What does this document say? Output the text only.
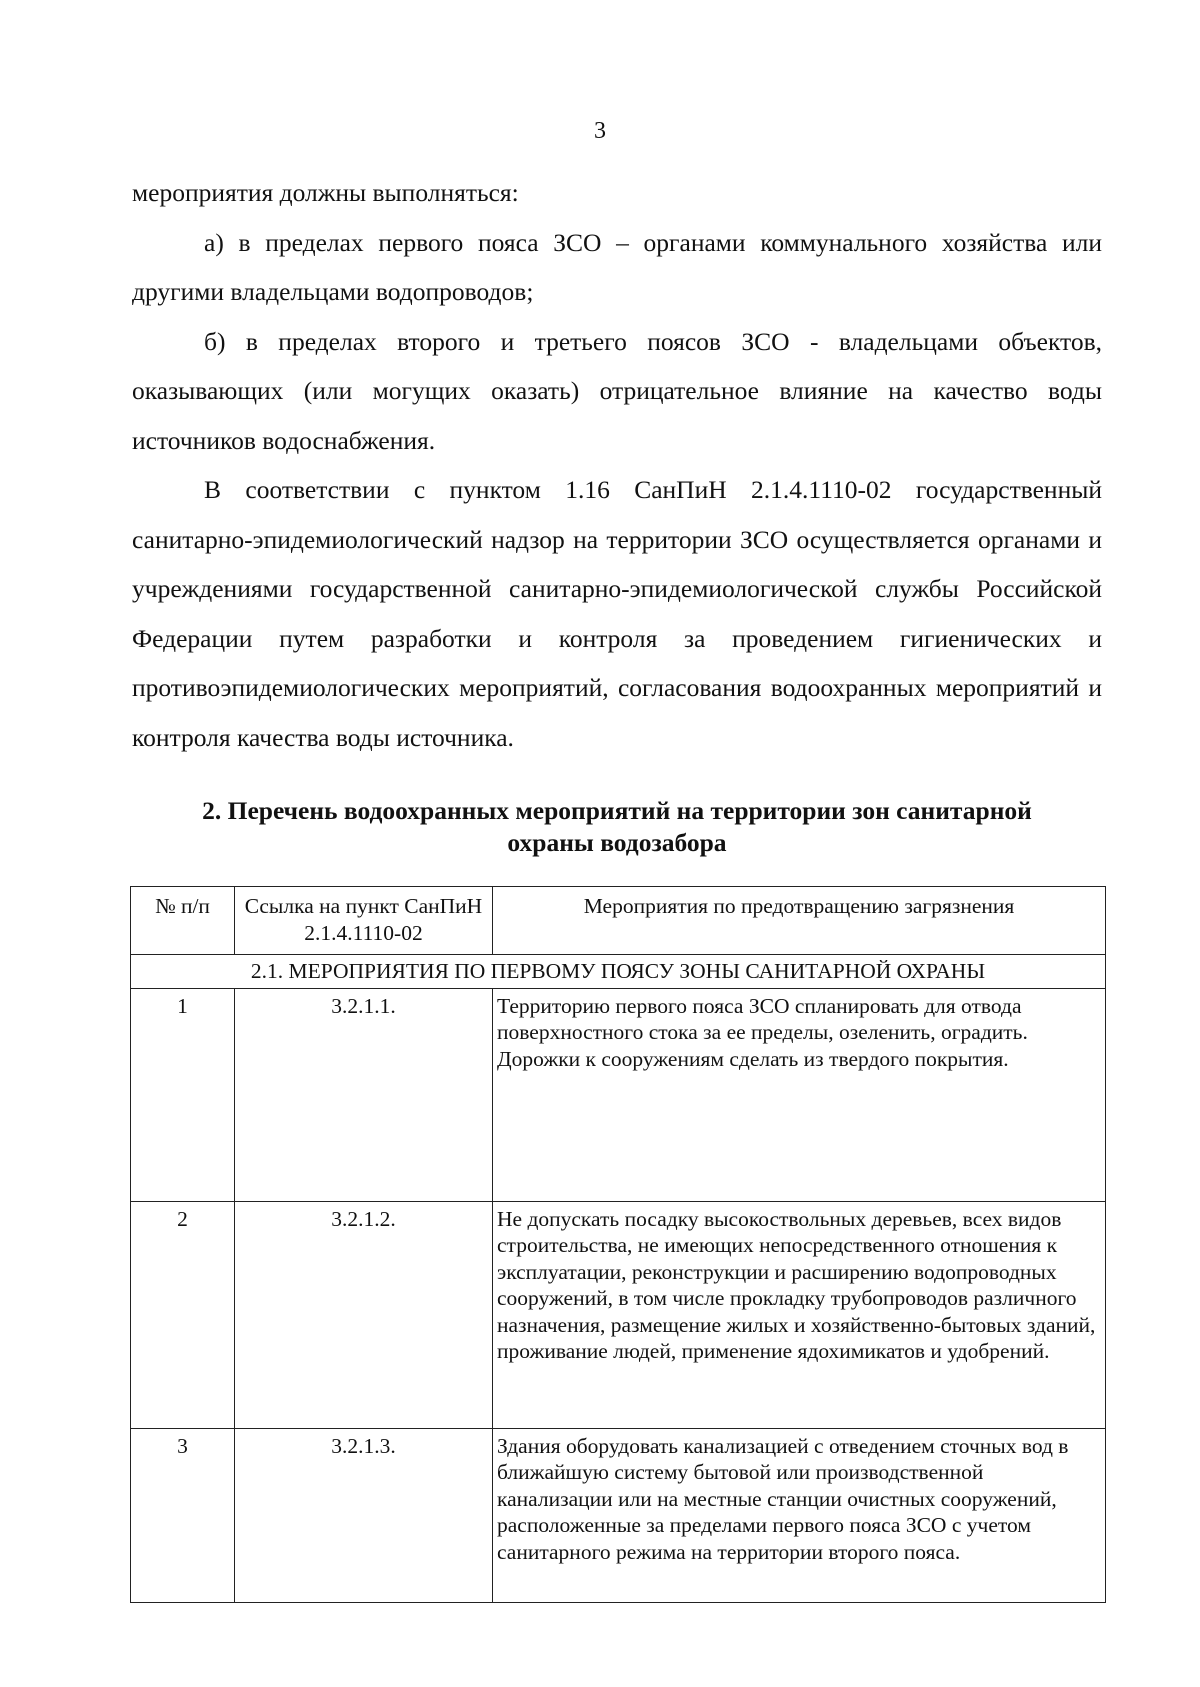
3

мероприятия должны выполняться:

а) в пределах первого пояса ЗСО – органами коммунального хозяйства или другими владельцами водопроводов;

б) в пределах второго и третьего поясов ЗСО - владельцами объектов, оказывающих (или могущих оказать) отрицательное влияние на качество воды источников водоснабжения.

В соответствии с пунктом 1.16 СанПиН 2.1.4.1110-02 государственный санитарно-эпидемиологический надзор на территории ЗСО осуществляется органами и учреждениями государственной санитарно-эпидемиологической службы Российской Федерации путем разработки и контроля за проведением гигиенических и противоэпидемиологических мероприятий, согласования водоохранных мероприятий и контроля качества воды источника.

2. Перечень водоохранных мероприятий на территории зон санитарной
охраны водозабора
№ п/п	Ссылка на пункт СанПиН 2.1.4.1110-02	Мероприятия по предотвращению загрязнения
2.1. МЕРОПРИЯТИЯ ПО ПЕРВОМУ ПОЯСУ ЗОНЫ САНИТАРНОЙ ОХРАНЫ		
1	3.2.1.1.	Территорию первого пояса ЗСО спланировать для отвода поверхностного стока за ее пределы, озеленить, оградить. Дорожки к сооружениям сделать из твердого покрытия.
2	3.2.1.2.	Не допускать посадку высокоствольных деревьев, всех видов строительства, не имеющих непосредственного отношения к эксплуатации, реконструкции и расширению водопроводных сооружений, в том числе прокладку трубопроводов различного назначения, размещение жилых и хозяйственно-бытовых зданий, проживание людей, применение ядохимикатов и удобрений.
3	3.2.1.3.	Здания оборудовать канализацией с отведением сточных вод в ближайшую систему бытовой или производственной канализации или на местные станции очистных сооружений, расположенные за пределами первого пояса ЗСО с учетом санитарного режима на территории второго пояса.
